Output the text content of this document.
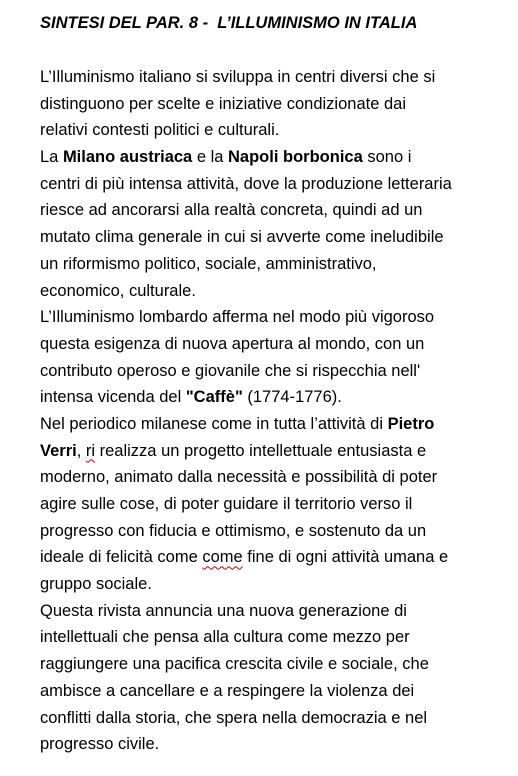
SINTESI DEL PAR. 8 -  L’ILLUMINISMO IN ITALIA
L’Illuminismo italiano si sviluppa in centri diversi che si
distinguono per scelte e iniziative condizionate dai
relativi contesti politici e culturali.
La Milano austriaca e la Napoli borbonica sono i
centri di più intensa attività, dove la produzione letteraria
riesce ad ancorarsi alla realtà concreta, quindi ad un
mutato clima generale in cui si avverte come ineludibile
un riformismo politico, sociale, amministrativo,
economico, culturale.
L’Illuminismo lombardo afferma nel modo più vigoroso
questa esigenza di nuova apertura al mondo, con un
contributo operoso e giovanile che si rispecchia nell'
intensa vicenda del "Caffè" (1774-1776).
Nel periodico milanese come in tutta l’attività di Pietro
Verri, ri realizza un progetto intellettuale entusiasta e
moderno, animato dalla necessità e possibilità di poter
agire sulle cose, di poter guidare il territorio verso il
progresso con fiducia e ottimismo, e sostenuto da un
ideale di felicità come come fine di ogni attività umana e
gruppo sociale.
Questa rivista annuncia una nuova generazione di
intellettuali che pensa alla cultura come mezzo per
raggiungere una pacifica crescita civile e sociale, che
ambisce a cancellare e a respingere la violenza dei
conflitti dalla storia, che spera nella democrazia e nel
progresso civile.
